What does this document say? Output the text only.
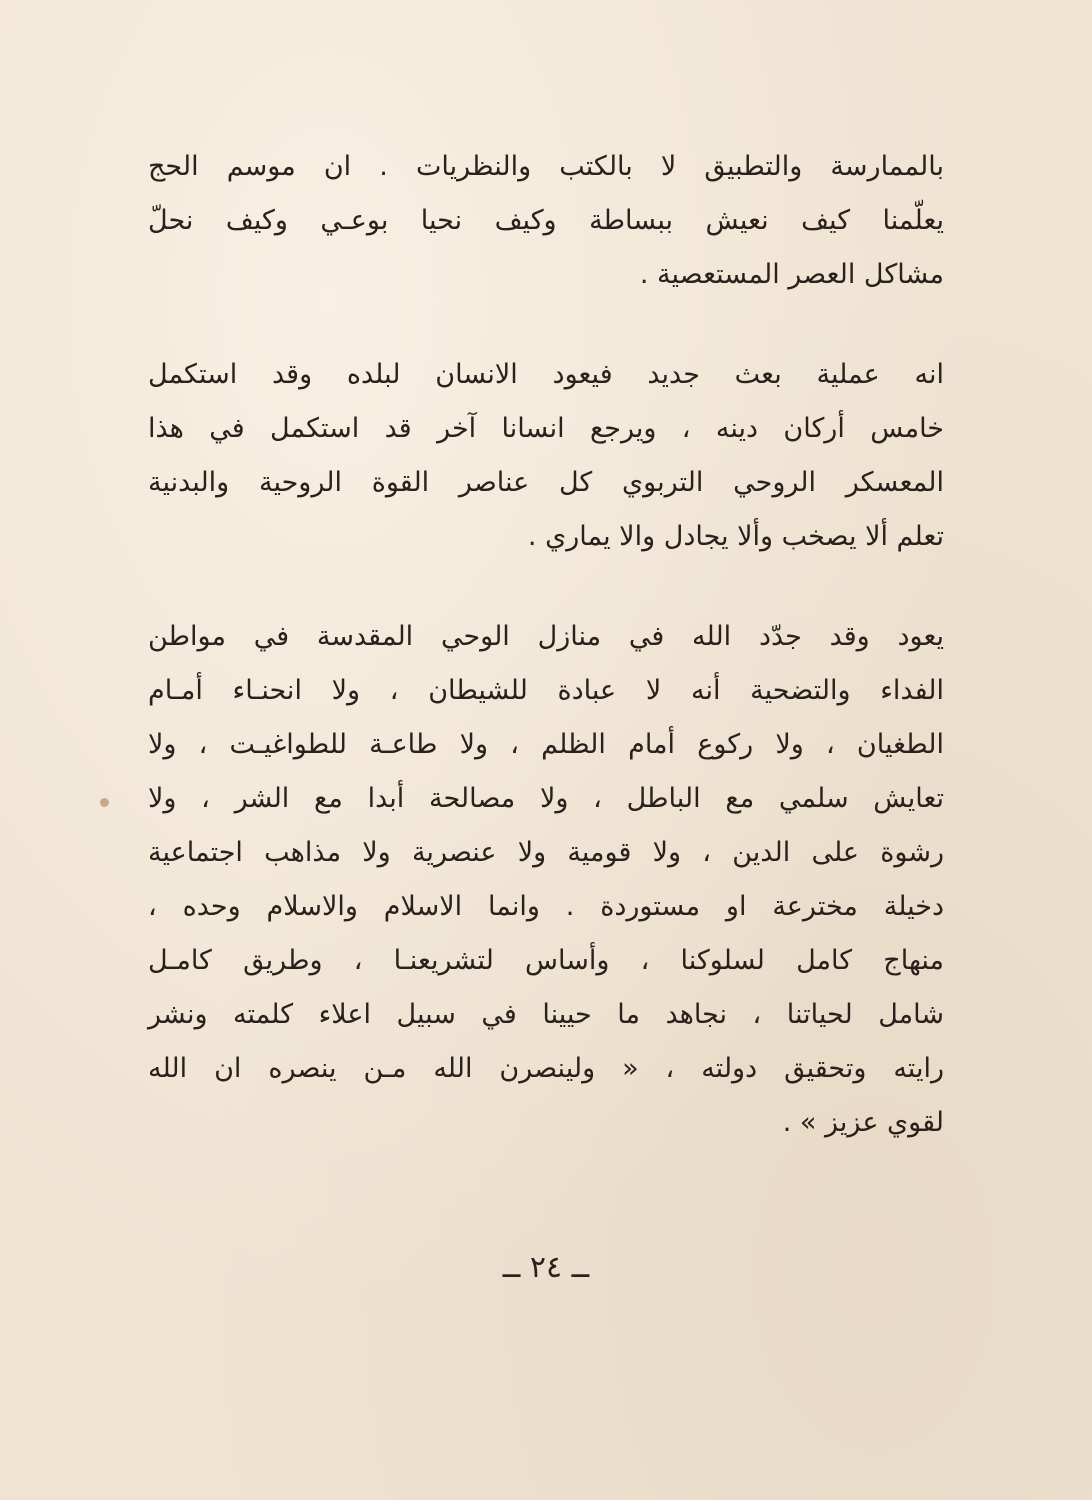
بالممارسة والتطبيق لا بالكتب والنظريات . ان موسم الحج
يعلّمنا كيف نعيش ببساطة وكيف نحيا بوعـي وكيف نحلّ
مشاكل العصر المستعصية .

انه عملية بعث جديد فيعود الانسان لبلده وقد استكمل
خامس أركان دينه ، ويرجع انسانا آخر قد استكمل في هذا
المعسكر الروحي التربوي كل عناصر القوة الروحية والبدنية
تعلم ألا يصخب وألا يجادل والا يماري .

يعود وقد جدّد الله في منازل الوحي المقدسة في مواطن
الفداء والتضحية أنه لا عبادة للشيطان ، ولا انحنـاء أمـام
الطغيان ، ولا ركوع أمام الظلم ، ولا طاعـة للطواغيـت ، ولا
تعايش سلمي مع الباطل ، ولا مصالحة أبدا مع الشر ، ولا
رشوة على الدين ، ولا قومية ولا عنصرية ولا مذاهب اجتماعية
دخيلة مخترعة او مستوردة . وانما الاسلام والاسلام وحده ،
منهاج كامل لسلوكنا ، وأساس لتشريعنـا ، وطريق كامـل
شامل لحياتنا ، نجاهد ما حيينا في سبيل اعلاء كلمته ونشر
رايته وتحقيق دولته ، « ولينصرن الله مـن ينصره ان الله
لقوي عزيز » .

ــ ٢٤ ــ
